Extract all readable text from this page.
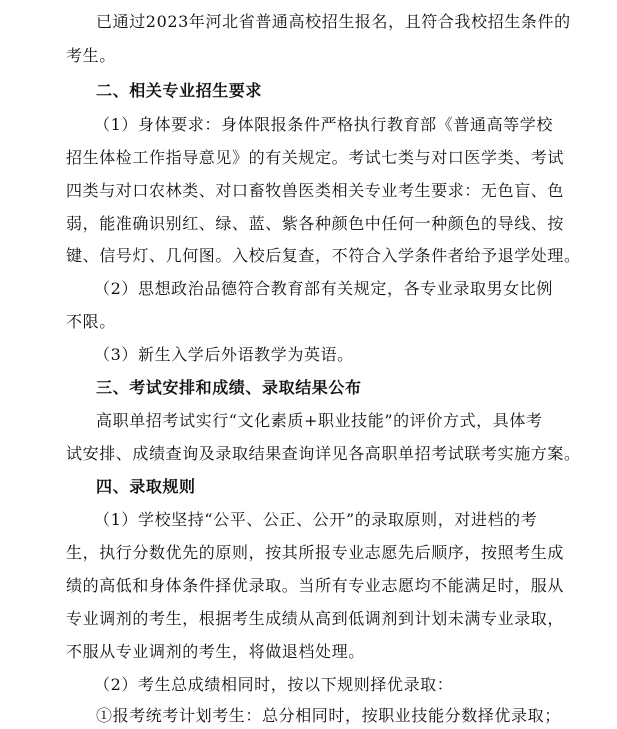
已通过2023年河北省普通高校招生报名，且符合我校招生条件的
考生。
二、相关专业招生要求
（1）身体要求：身体限报条件严格执行教育部《普通高等学校
招生体检工作指导意见》的有关规定。考试七类与对口医学类、考试
四类与对口农林类、对口畜牧兽医类相关专业考生要求：无色盲、色
弱，能准确识别红、绿、蓝、紫各种颜色中任何一种颜色的导线、按
键、信号灯、几何图。入校后复查，不符合入学条件者给予退学处理。
（2）思想政治品德符合教育部有关规定，各专业录取男女比例
不限。
（3）新生入学后外语教学为英语。
三、考试安排和成绩、录取结果公布
高职单招考试实行“文化素质+职业技能”的评价方式，具体考
试安排、成绩查询及录取结果查询详见各高职单招考试联考实施方案。
四、录取规则
（1）学校坚持“公平、公正、公开”的录取原则，对进档的考
生，执行分数优先的原则，按其所报专业志愿先后顺序，按照考生成
绩的高低和身体条件择优录取。当所有专业志愿均不能满足时，服从
专业调剂的考生，根据考生成绩从高到低调剂到计划未满专业录取，
不服从专业调剂的考生，将做退档处理。
（2）考生总成绩相同时，按以下规则择优录取：
①报考统考计划考生：总分相同时，按职业技能分数择优录取；
